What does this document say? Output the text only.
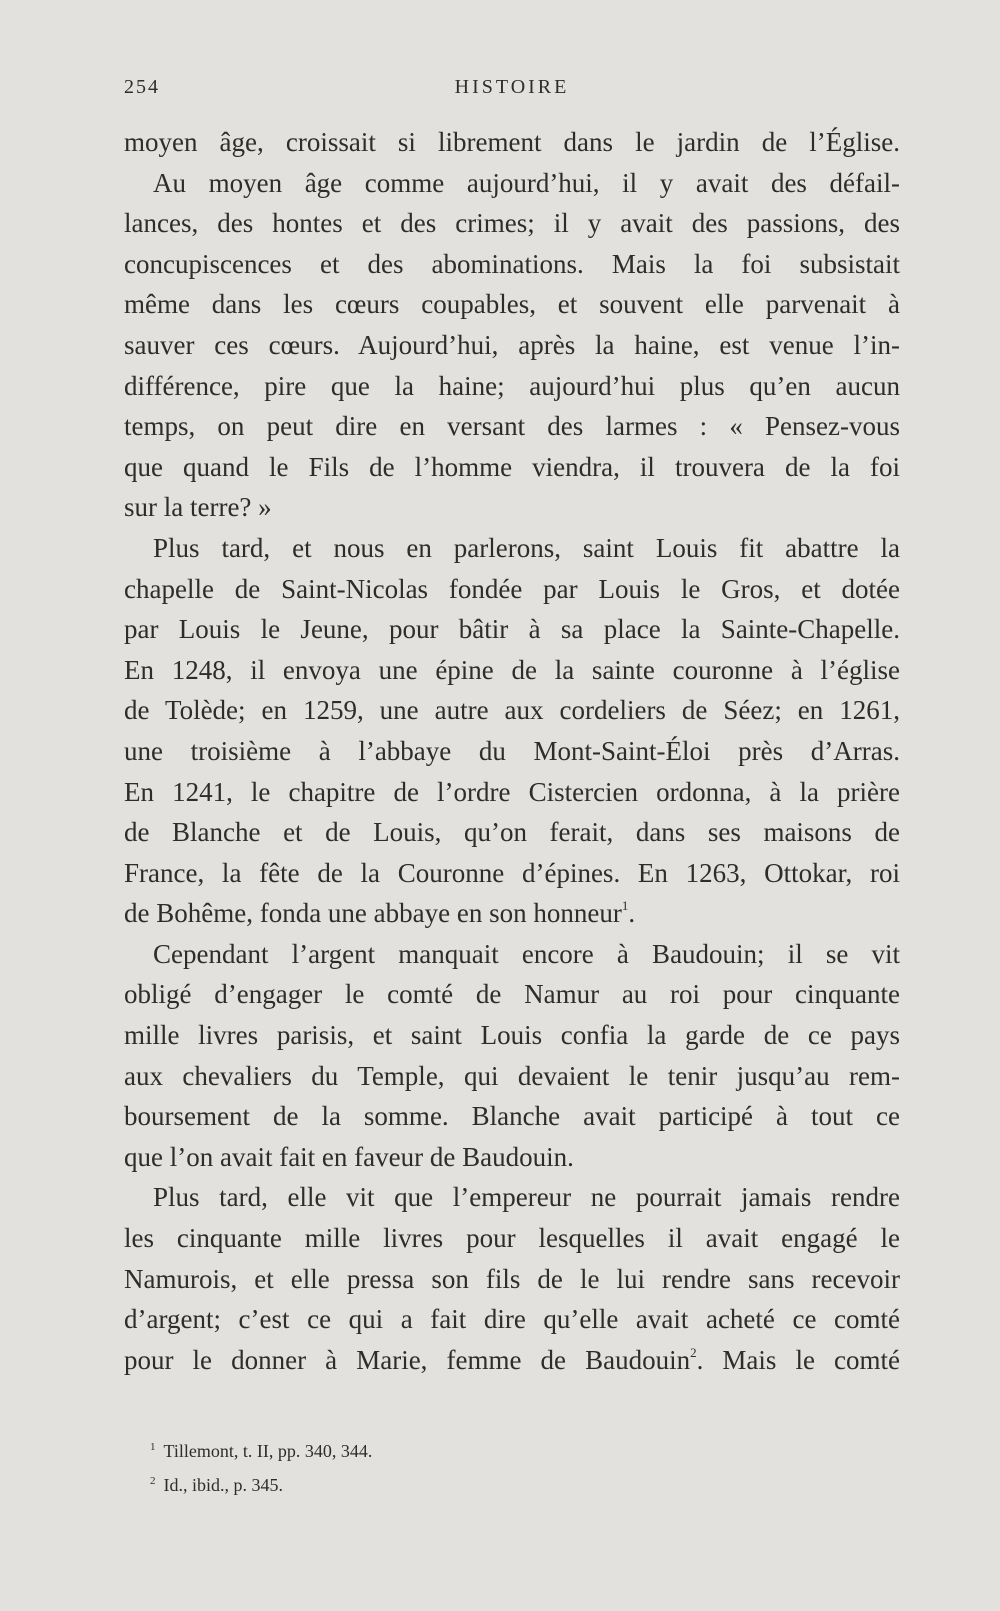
254	HISTOIRE
moyen âge, croissait si librement dans le jardin de l’Église.
Au moyen âge comme aujourd’hui, il y avait des défail-
lances, des hontes et des crimes; il y avait des passions, des
concupiscences et des abominations. Mais la foi subsistait
même dans les cœurs coupables, et souvent elle parvenait à
sauver ces cœurs. Aujourd’hui, après la haine, est venue l’in-
différence, pire que la haine; aujourd’hui plus qu’en aucun
temps, on peut dire en versant des larmes : « Pensez-vous
que quand le Fils de l’homme viendra, il trouvera de la foi
sur la terre? »
Plus tard, et nous en parlerons, saint Louis fit abattre la
chapelle de Saint-Nicolas fondée par Louis le Gros, et dotée
par Louis le Jeune, pour bâtir à sa place la Sainte-Chapelle.
En 1248, il envoya une épine de la sainte couronne à l’église
de Tolède; en 1259, une autre aux cordeliers de Séez; en 1261,
une troisième à l’abbaye du Mont-Saint-Éloi près d’Arras.
En 1241, le chapitre de l’ordre Cistercien ordonna, à la prière
de Blanche et de Louis, qu’on ferait, dans ses maisons de
France, la fête de la Couronne d’épines. En 1263, Ottokar, roi
de Bohême, fonda une abbaye en son honneur$^1$.
Cependant l’argent manquait encore à Baudouin; il se vit
obligé d’engager le comté de Namur au roi pour cinquante
mille livres parisis, et saint Louis confia la garde de ce pays
aux chevaliers du Temple, qui devaient le tenir jusqu’au rem-
boursement de la somme. Blanche avait participé à tout ce
que l’on avait fait en faveur de Baudouin.
Plus tard, elle vit que l’empereur ne pourrait jamais rendre
les cinquante mille livres pour lesquelles il avait engagé le
Namurois, et elle pressa son fils de le lui rendre sans recevoir
d’argent; c’est ce qui a fait dire qu’elle avait acheté ce comté
pour le donner à Marie, femme de Baudouin$^2$. Mais le comté
$^1$ Tillemont, t. II, pp. 340, 344.
$^2$ Id., ibid., p. 345.
